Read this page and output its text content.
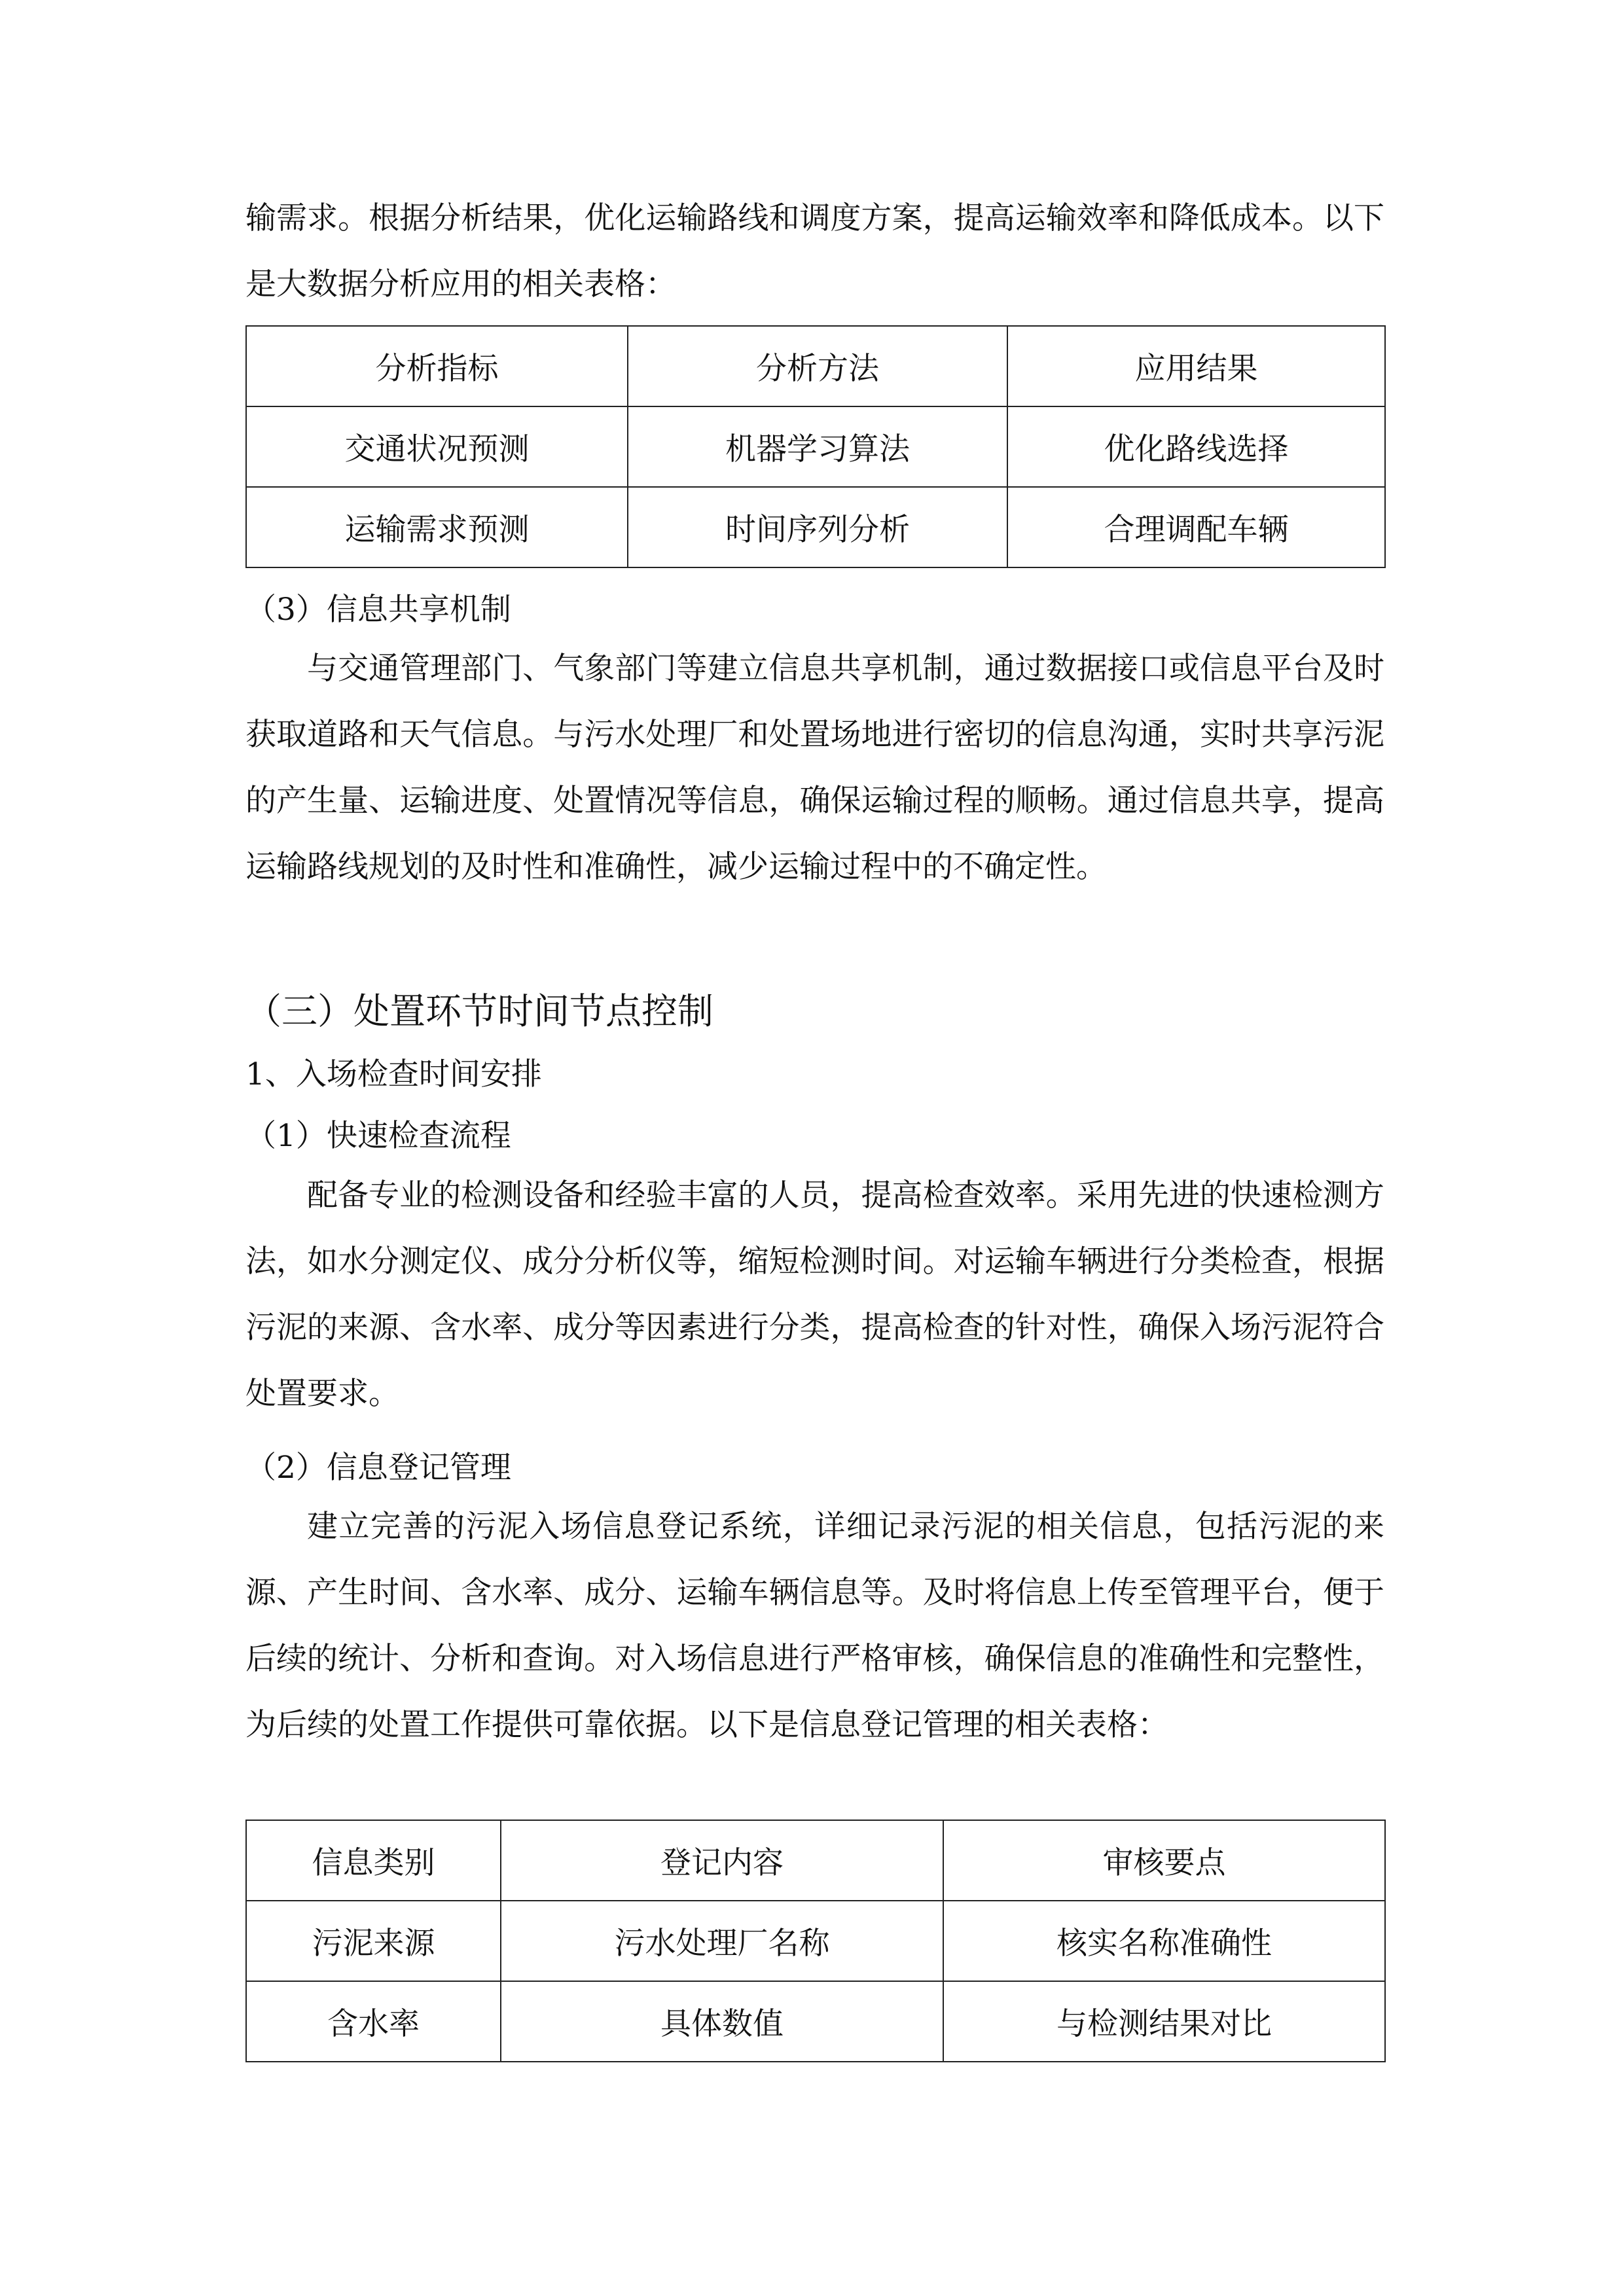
输需求。根据分析结果，优化运输路线和调度方案，提高运输效率和降低成本。以下是大数据分析应用的相关表格：

分析指标	分析方法	应用结果
交通状况预测	机器学习算法	优化路线选择
运输需求预测	时间序列分析	合理调配车辆
（3）信息共享机制

与交通管理部门、气象部门等建立信息共享机制，通过数据接口或信息平台及时获取道路和天气信息。与污水处理厂和处置场地进行密切的信息沟通，实时共享污泥的产生量、运输进度、处置情况等信息，确保运输过程的顺畅。通过信息共享，提高运输路线规划的及时性和准确性，减少运输过程中的不确定性。

（三）处置环节时间节点控制
1、入场检查时间安排
（1）快速检查流程

配备专业的检测设备和经验丰富的人员，提高检查效率。采用先进的快速检测方法，如水分测定仪、成分分析仪等，缩短检测时间。对运输车辆进行分类检查，根据污泥的来源、含水率、成分等因素进行分类，提高检查的针对性，确保入场污泥符合处置要求。

（2）信息登记管理

建立完善的污泥入场信息登记系统，详细记录污泥的相关信息，包括污泥的来源、产生时间、含水率、成分、运输车辆信息等。及时将信息上传至管理平台，便于后续的统计、分析和查询。对入场信息进行严格审核，确保信息的准确性和完整性，为后续的处置工作提供可靠依据。以下是信息登记管理的相关表格：

信息类别	登记内容	审核要点
污泥来源	污水处理厂名称	核实名称准确性
含水率	具体数值	与检测结果对比
